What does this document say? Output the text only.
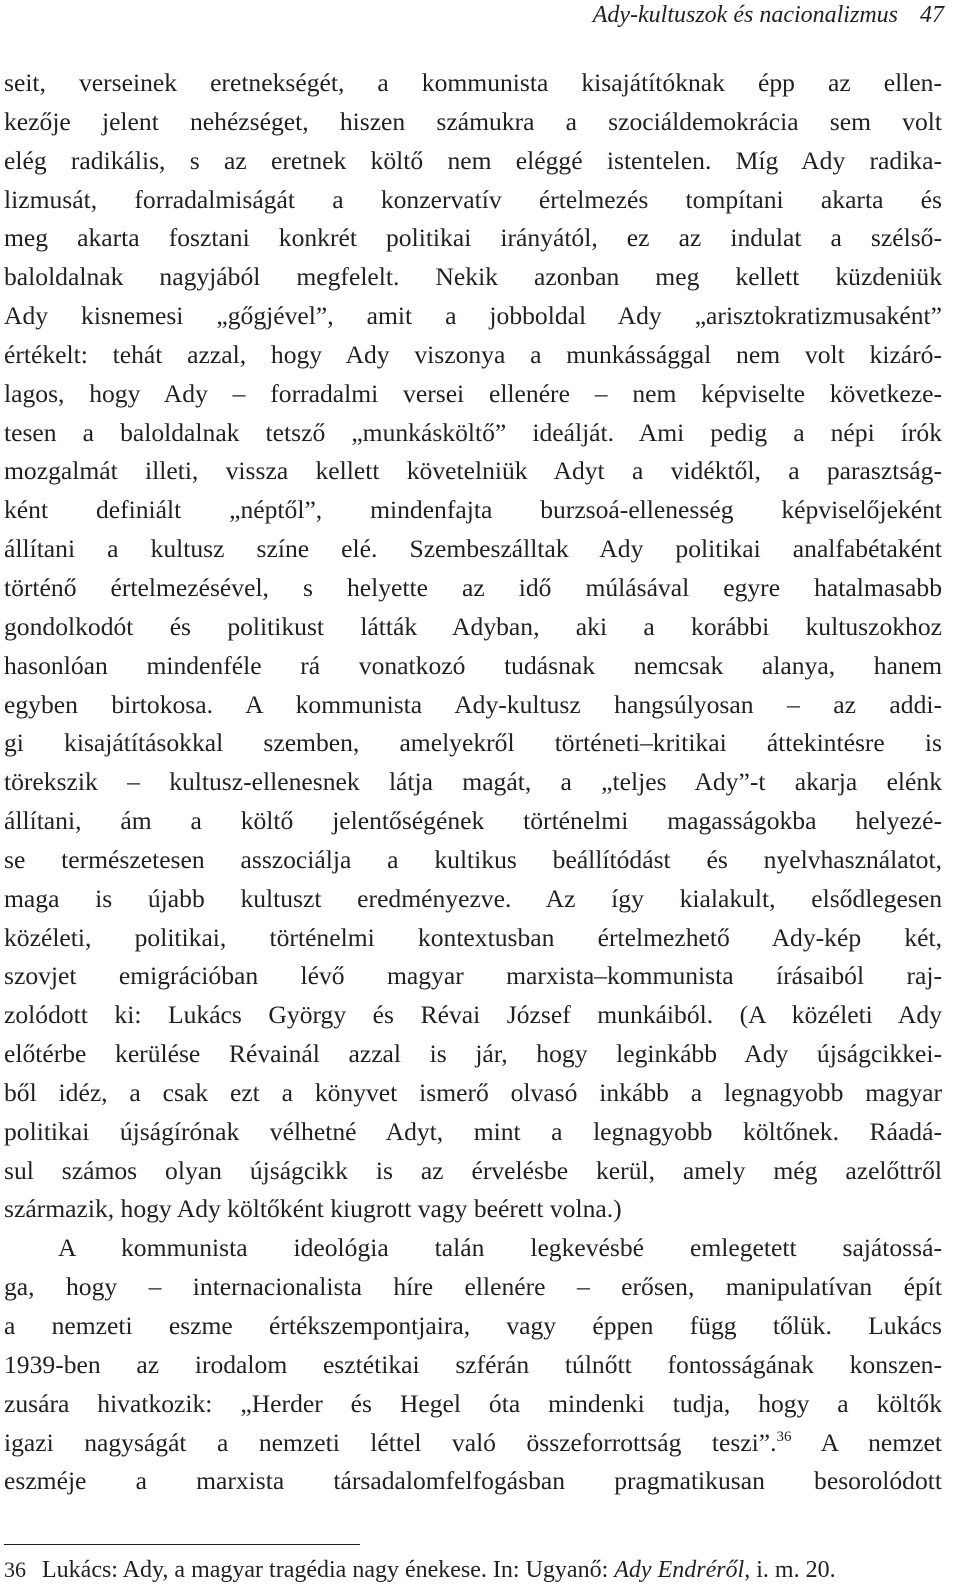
Ady-kultuszok és nacionalizmus 47
seit, verseinek eretnekségét, a kommunista kisajátítóknak épp az ellen-
kezője jelent nehézséget, hiszen számukra a szociáldemokrácia sem volt
elég radikális, s az eretnek költő nem eléggé istentelen. Míg Ady radika-
lizmusát, forradalmiságát a konzervatív értelmezés tompítani akarta és
meg akarta fosztani konkrét politikai irányától, ez az indulat a szélső-
baloldalnak nagyjából megfelelt. Nekik azonban meg kellett küzdeniük
Ady kisnemesi „gőgjével”, amit a jobboldal Ady „arisztokratizmusaként”
értékelt: tehát azzal, hogy Ady viszonya a munkássággal nem volt kizáró-
lagos, hogy Ady – forradalmi versei ellenére – nem képviselte következe-
tesen a baloldalnak tetsző „munkásköltő” ideálját. Ami pedig a népi írók
mozgalmát illeti, vissza kellett követelniük Adyt a vidéktől, a parasztság-
ként definiált „néptől”, mindenfajta burzsoá-ellenesség képviselőjeként
állítani a kultusz színe elé. Szembeszálltak Ady politikai analfabétaként
történő értelmezésével, s helyette az idő múlásával egyre hatalmasabb
gondolkodót és politikust látták Adyban, aki a korábbi kultuszokhoz
hasonlóan mindenféle rá vonatkozó tudásnak nemcsak alanya, hanem
egyben birtokosa. A kommunista Ady-kultusz hangsúlyosan – az addi-
gi kisajátításokkal szemben, amelyekről történeti–kritikai áttekintésre is
törekszik – kultusz-ellenesnek látja magát, a „teljes Ady”-t akarja elénk
állítani, ám a költő jelentőségének történelmi magasságokba helyezé-
se természetesen asszociálja a kultikus beállítódást és nyelvhasználatot,
maga is újabb kultuszt eredményezve. Az így kialakult, elsődlegesen
közéleti, politikai, történelmi kontextusban értelmezhető Ady-kép két,
szovjet emigrációban lévő magyar marxista–kommunista írásaiból raj-
zolódott ki: Lukács György és Révai József munkáiból. (A közéleti Ady
előtérbe kerülése Révainál azzal is jár, hogy leginkább Ady újságcikkei-
ből idéz, a csak ezt a könyvet ismerő olvasó inkább a legnagyobb magyar
politikai újságírónak vélhetné Adyt, mint a legnagyobb költőnek. Ráadá-
sul számos olyan újságcikk is az érvelésbe kerül, amely még azelőttről
származik, hogy Ady költőként kiugrott vagy beérett volna.)
A kommunista ideológia talán legkevésbé emlegetett sajátossá-
ga, hogy – internacionalista híre ellenére – erősen, manipulatívan épít
a nemzeti eszme értékszempontjaira, vagy éppen függ tőlük. Lukács
1939-ben az irodalom esztétikai szférán túlnőtt fontosságának konszen-
zusára hivatkozik: „Herder és Hegel óta mindenki tudja, hogy a költők
igazi nagyságát a nemzeti léttel való összeforrottság teszi”.$^{36}$ A nemzet
eszméje a marxista társadalomfelfogásban pragmatikusan besorolódott
36 Lukács: Ady, a magyar tragédia nagy énekese. In: Ugyanő: Ady Endréről, i. m. 20.
